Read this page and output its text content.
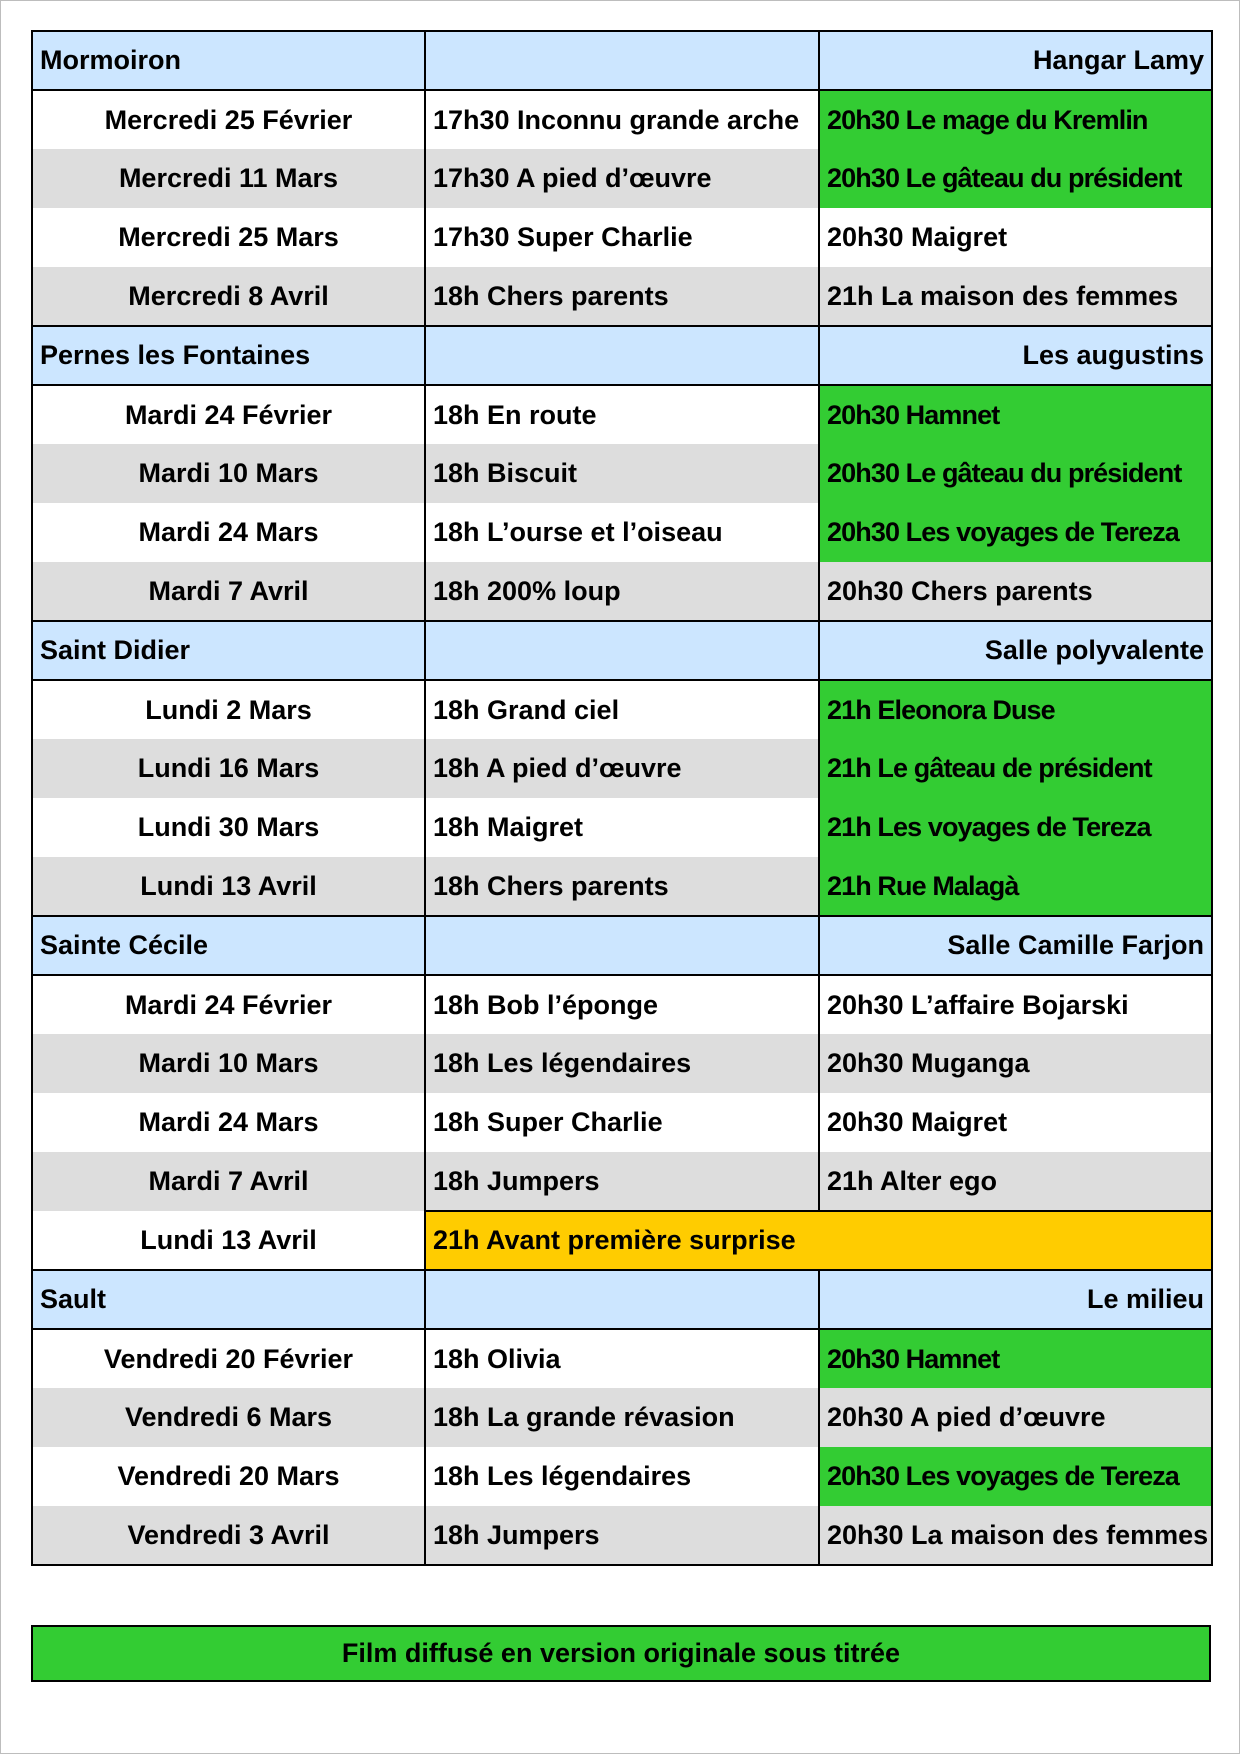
Mormoiron		Hangar Lamy
Mercredi 25 Février	17h30 Inconnu grande arche	20h30 Le mage du Kremlin
Mercredi 11 Mars	17h30 A pied d’œuvre	20h30 Le gâteau du président
Mercredi 25 Mars	17h30 Super Charlie	20h30 Maigret
Mercredi 8 Avril	18h Chers parents	21h La maison des femmes
Pernes les Fontaines		Les augustins
Mardi 24 Février	18h En route	20h30 Hamnet
Mardi 10 Mars	18h Biscuit	20h30 Le gâteau du président
Mardi 24 Mars	18h L’ourse et l’oiseau	20h30 Les voyages de Tereza
Mardi 7 Avril	18h 200% loup	20h30 Chers parents
Saint Didier		Salle polyvalente
Lundi 2 Mars	18h Grand ciel	21h Eleonora Duse
Lundi 16 Mars	18h A pied d’œuvre	21h Le gâteau de président
Lundi 30 Mars	18h Maigret	21h Les voyages de Tereza
Lundi 13 Avril	18h Chers parents	21h Rue Malagà
Sainte Cécile		Salle Camille Farjon
Mardi 24 Février	18h Bob l’éponge	20h30 L’affaire Bojarski
Mardi 10 Mars	18h Les légendaires	20h30 Muganga
Mardi 24 Mars	18h Super Charlie	20h30 Maigret
Mardi 7 Avril	18h Jumpers	21h Alter ego
Lundi 13 Avril	21h Avant première surprise	
Sault		Le milieu
Vendredi 20 Février	18h Olivia	20h30 Hamnet
Vendredi 6 Mars	18h La grande révasion	20h30 A pied d’œuvre
Vendredi 20 Mars	18h Les légendaires	20h30 Les voyages de Tereza
Vendredi 3 Avril	18h Jumpers	20h30 La maison des femmes
Film diffusé en version originale sous titrée
